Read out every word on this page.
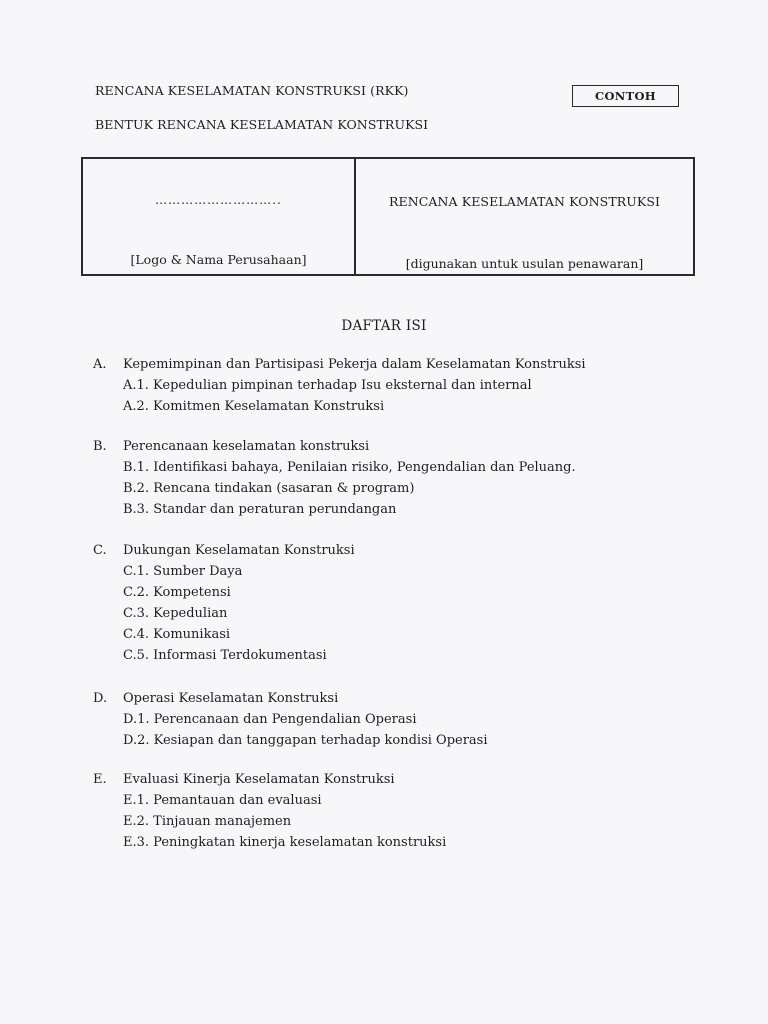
RENCANA KESELAMATAN KONSTRUKSI (RKK)
BENTUK RENCANA KESELAMATAN KONSTRUKSI
CONTOH
………………………..
[Logo & Nama Perusahaan]
RENCANA KESELAMATAN KONSTRUKSI
[digunakan untuk usulan penawaran]
DAFTAR ISI
A. Kepemimpinan dan Partisipasi Pekerja dalam Keselamatan Konstruksi
A.1. Kepedulian pimpinan terhadap Isu eksternal dan internal
A.2. Komitmen Keselamatan Konstruksi
B. Perencanaan keselamatan konstruksi
B.1. Identifikasi bahaya, Penilaian risiko, Pengendalian dan Peluang.
B.2. Rencana tindakan (sasaran & program)
B.3. Standar dan peraturan perundangan
C. Dukungan Keselamatan Konstruksi
C.1. Sumber Daya
C.2. Kompetensi
C.3. Kepedulian
C.4. Komunikasi
C.5. Informasi Terdokumentasi
D. Operasi Keselamatan Konstruksi
D.1. Perencanaan dan Pengendalian Operasi
D.2. Kesiapan dan tanggapan terhadap kondisi Operasi
E. Evaluasi Kinerja Keselamatan Konstruksi
E.1. Pemantauan dan evaluasi
E.2. Tinjauan manajemen
E.3. Peningkatan kinerja keselamatan konstruksi
